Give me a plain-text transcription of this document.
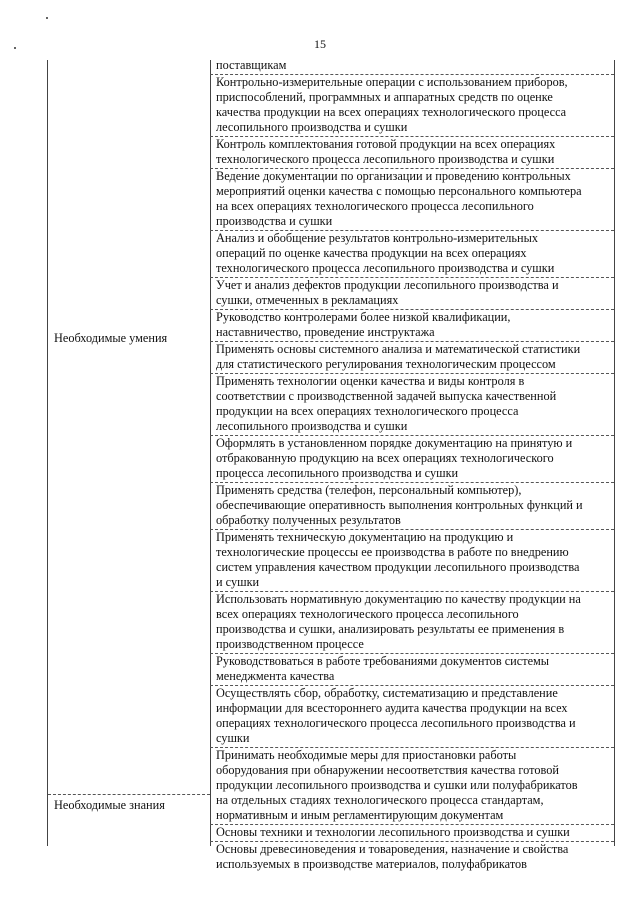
15
поставщикам
Контрольно-измерительные операции с использованием приборов,
приспособлений, программных и аппаратных средств по оценке
качества продукции на всех операциях технологического процесса
лесопильного производства и сушки
Контроль комплектования готовой продукции на всех операциях
технологического процесса лесопильного производства и сушки
Ведение документации по организации и проведению контрольных
мероприятий оценки качества с помощью персонального компьютера
на всех операциях технологического процесса лесопильного
производства и сушки
Анализ и обобщение результатов контрольно-измерительных
операций по оценке качества продукции на всех операциях
технологического процесса лесопильного производства и сушки
Учет и анализ дефектов продукции лесопильного производства и
сушки, отмеченных в рекламациях
Руководство контролерами более низкой квалификации,
наставничество, проведение инструктажа
Применять основы системного анализа и математической статистики
для статистического регулирования технологическим процессом
Применять технологии оценки качества и виды контроля в
соответствии с производственной задачей выпуска качественной
продукции на всех операциях технологического процесса
лесопильного производства и сушки
Оформлять в установленном порядке документацию на принятую и
отбракованную продукцию на всех операциях технологического
процесса лесопильного производства и сушки
Применять средства (телефон, персональный компьютер),
обеспечивающие оперативность выполнения контрольных функций и
обработку полученных результатов
Применять техническую документацию на продукцию и
технологические процессы ее производства в работе по внедрению
систем управления качеством продукции лесопильного производства
и сушки
Использовать нормативную документацию по качеству продукции на
всех операциях технологического процесса лесопильного
производства и сушки, анализировать результаты ее применения в
производственном процессе
Руководствоваться в работе требованиями документов системы
менеджмента качества
Осуществлять сбор, обработку, систематизацию и представление
информации для всестороннего аудита качества продукции на всех
операциях технологического процесса лесопильного производства и
сушки
Принимать необходимые меры для приостановки работы
оборудования при обнаружении несоответствия качества готовой
продукции лесопильного производства и сушки или полуфабрикатов
на отдельных стадиях технологического процесса стандартам,
нормативным и иным регламентирующим документам
Основы техники и технологии лесопильного производства и сушки
Основы древесиноведения и товароведения, назначение и свойства
используемых в производстве материалов, полуфабрикатов
Необходимые умения
Необходимые знания
